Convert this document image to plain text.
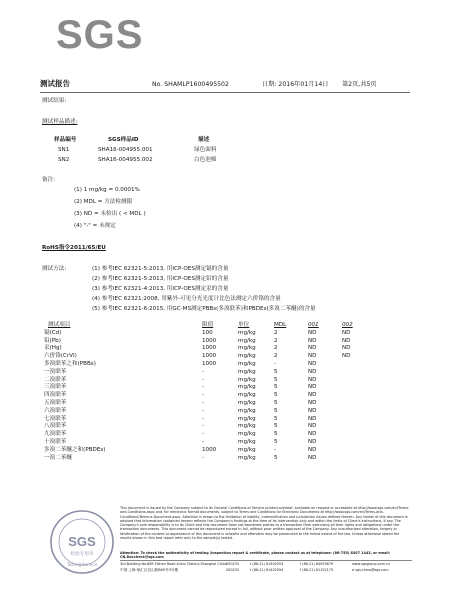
SGS
测试报告	No. SHAMLP1600495502	日期: 2016年01月14日 第2页,共5页
测试结果:
测试样品描述:
样品编号	SGS样品ID	描述
SN1	SHA16-004955.001	绿色面料
SN2	SHA16-004955.002	白色泡棉
备注:
(1) 1 mg/kg = 0.0001%
(2) MDL = 方法检测限
(3) ND = 未检出 ( < MDL )
(4) "-" = 未规定
RoHS指令2011/65/EU
测试方法:	(1) 参考IEC 62321-5:2013, 用ICP-OES测定镉的含量
(2) 参考IEC 62321-5:2013, 用ICP-OES测定铅的含量
(3) 参考IEC 62321-4:2013, 用ICP-OES测定汞的含量
(4) 参考IEC 62321:2008, 用紫外-可见分光光度计比色法测定六价铬的含量
(5) 参考IEC 62321-6:2015, 用GC-MS测定PBBs(多溴联苯)和PBDEs(多溴二苯醚)的含量
测试项目	限值	单位	MDL	001	002
镉(Cd)	100	mg/kg	2	ND	ND
铅(Pb)	1000	mg/kg	2	ND	ND
汞(Hg)	1000	mg/kg	2	ND	ND
六价铬(CrVI)	1000	mg/kg	2	ND	ND
多溴联苯之和(PBBs)	1000	mg/kg	-	ND	
一溴联苯	-	mg/kg	5	ND	
二溴联苯	-	mg/kg	5	ND	
三溴联苯	-	mg/kg	5	ND	
四溴联苯	-	mg/kg	5	ND	
五溴联苯	-	mg/kg	5	ND	
六溴联苯	-	mg/kg	5	ND	
七溴联苯	-	mg/kg	5	ND	
八溴联苯	-	mg/kg	5	ND	
九溴联苯	-	mg/kg	5	ND	
十溴联苯	-	mg/kg	5	ND	
多溴二苯醚之和(PBDEs)	1000	mg/kg	-	ND	
一溴二苯醚	-	mg/kg	5	ND	
SGS
检验专用章
Testing Service
This document is issued by the Company subject to its General Conditions of Service printed overleaf, available on request or accessible at http://www.sgs.com/en/Terms-and-Conditions.aspx and, for electronic format documents, subject to Terms and Conditions for Electronic Documents at http://www.sgs.com/en/Terms-and-Conditions/Terms-e-Document.aspx. Attention is drawn to the limitation of liability, indemnification and jurisdiction issues defined therein. Any holder of this document is advised that information contained hereon reflects the Company's findings at the time of its intervention only and within the limits of Client's instructions, if any. The Company's sole responsibility is to its Client and this document does not exonerate parties to a transaction from exercising all their rights and obligations under the transaction documents. This document cannot be reproduced except in full, without prior written approval of the Company. Any unauthorized alteration, forgery or falsification of the content or appearance of this document is unlawful and offenders may be prosecuted to the fullest extent of the law. Unless otherwise stated the results shown in this test report refer only to the sample(s) tested.
Attention: To check the authenticity of testing /inspection report & certificate, please contact us at telephone: (86-755) 8307 1443, or email: CN.Doccheck@sgs.com
3rd Building No.889 Yishan Road Xuhui District,Shanghai China
中国·上海·徐汇区宜山路889号3号楼
200233
200233
t (86-21) 61402553
t (86-21) 61402594
f (86-21) 64953679
f (86-21) 61152175
www.sgsgroup.com.cn
e sgs.china@sgs.com
